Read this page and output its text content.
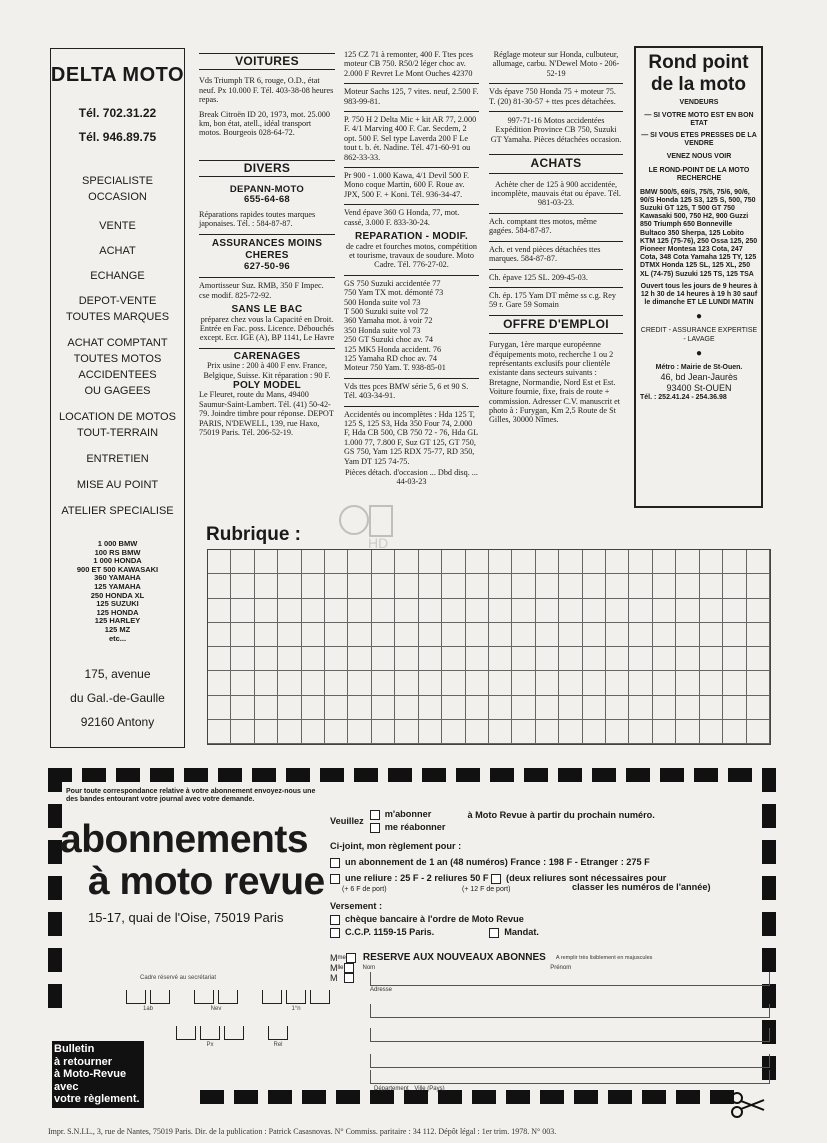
DELTA MOTO
Tél. 702.31.22
Tél. 946.89.75
SPECIALISTE
OCCASION
VENTE
ACHAT
ECHANGE
DEPOT-VENTE
TOUTES MARQUES
ACHAT COMPTANT
TOUTES MOTOS
ACCIDENTEES
OU GAGEES
LOCATION DE MOTOS
TOUT-TERRAIN
ENTRETIEN
MISE AU POINT
ATELIER SPECIALISE
1 000 BMW
100 RS BMW
1 000 HONDA
900 ET 500 KAWASAKI
360 YAMAHA
125 YAMAHA
250 HONDA XL
125 SUZUKI
125 HONDA
125 HARLEY
125 MZ
etc...
175, avenue
du Gal.-de-Gaulle
92160 Antony
VOITURES
Vds Triumph TR 6, rouge, O.D., état neuf. Px 10.000 F. Tél. 403-38-08 heures repas.
Break Citroën ID 20, 1973, mot. 25.000 km, bon état, atell., idéal transport motos. Bourgeois 028-64-72.
DIVERS
DEPANN-MOTO
655-64-68
Réparations rapides toutes marques japonaises. Tél. : 584-87-87.
ASSURANCES MOINS CHERES
627-50-96
Amortisseur Suz. RMB, 350 F Impec. cse modif. 825-72-92.
SANS LE BAC
préparez chez vous la Capacité en Droit. Entrée en Fac. poss. Licence. Débouchés except. Ecr. IGE (A), BP 1141, Le Havre
CARENAGES
Prix usine : 200 à 400 F env. France, Belgique, Suisse. Kit réparation : 90 F.
POLY MODEL
Le Fleuret, route du Mans, 49400 Saumur-Saint-Lambert. Tél. (41) 50-42-79. Joindre timbre pour réponse. DEPOT PARIS, N'DEWELL, 139, rue Haxo, 75019 Paris. Tél. 206-52-19.
125 CZ 71 à remonter, 400 F. Ttes pces moteur CB 750. R50/2 léger choc av. 2.000 F Revret Le Mont Ouches 42370
Moteur Sachs 125, 7 vites. neuf, 2.500 F. 983-99-81.
P. 750 H 2 Delta Mic + kit AR 77, 2.000 F. 4/1 Marving 400 F. Car. Secdem, 2 opt. 500 F. Sel type Laverda 200 F Le tout t. b. ét. Nadine. Tél. 471-60-91 ou 862-33-33.
Pr 900 - 1.000 Kawa, 4/1 Devil 500 F. Mono coque Martin, 600 F. Roue av. JPX, 500 F. + Koni. Tél. 936-34-47.
Vend épave 360 G Honda, 77, mot. cassé, 3.000 F. 833-30-24.
REPARATION - MODIF.
de cadre et fourches motos, compétition et tourisme, travaux de soudure. Moto Cadre. Tél. 776-27-02.
GS 750 Suzuki accidentée 77
750 Yam TX mot. démonté 73
500 Honda suite vol 73
T 500 Suzuki suite vol 72
360 Yamaha mot. à voir 72
350 Honda suite vol 73
250 GT Suzuki choc av. 74
125 MK5 Honda accident. 76
125 Yamaha RD choc av. 74
Moteur 750 Yam. T. 938-85-01
Vds ttes pces BMW série 5, 6 et 90 S. Tél. 403-34-91.
Accidentés ou incomplètes : Hda 125 T, 125 S, 125 S3, Hda 350 Four 74, 2.000 F, Hda CB 500, CB 750 72 - 76, Hda GL 1.000 77, 7.800 F, Suz GT 125, GT 750, GS 750, Yam 125 RDX 75-77, RD 350, Yam DT 125 74-75.
Pièces détach. d'occasion ... Dbd disq. ... 44-03-23
Réglage moteur sur Honda, culbuteur, allumage, carbu. N'Dewel Moto - 206-52-19
Vds épave 750 Honda 75 + moteur 75. T. (20) 81-30-57 + ttes pces détachées.
997-71-16 Motos accidentées Expédition Province CB 750, Suzuki GT Yamaha. Pièces détachées occasion.
ACHATS
Achète cher de 125 à 900 accidentée, incomplète, mauvais état ou épave. Tél. 981-03-23.
Ach. comptant ttes motos, même gagées. 584-87-87.
Ach. et vend pièces détachées ttes marques. 584-87-87.
Ch. épave 125 SL. 209-45-03.
Ch. ép. 175 Yam DT même ss c.g. Rey 59 r. Gare 59 Somain
OFFRE D'EMPLOI
Furygan, 1ère marque européenne d'équipements moto, recherche 1 ou 2 représentants exclusifs pour clientèle existante dans secteurs suivants : Bretagne, Normandie, Nord Est et Est. Voiture fournie, fixe, frais de route + commission. Adresser C.V. manuscrit et photo à : Furygan, Km 2,5 Route de St Gilles, 30000 Nîmes.
Rond point
de la moto
VENDEURS
— SI VOTRE MOTO EST EN BON ETAT
— SI VOUS ETES PRESSES DE LA VENDRE
VENEZ NOUS VOIR
LE ROND-POINT DE LA MOTO RECHERCHE
BMW 500/5, 69/S, 75/5, 75/6, 90/6, 90/S Honda 125 S3, 125 S, 500, 750 Suzuki GT 125, T 500 GT 750 Kawasaki 500, 750 H2, 900 Guzzi 850 Triumph 650 Bonneville Bultaco 350 Sherpa, 125 Lobito KTM 125 (75-76), 250 Ossa 125, 250 Pioneer Montesa 123 Cota, 247 Cota, 348 Cota Yamaha 125 TY, 125 DTMX Honda 125 SL, 125 XL, 250 XL (74-75) Suzuki 125 TS, 125 TSA
Ouvert tous les jours de 9 heures à 12 h 30 de 14 heures à 19 h 30 sauf le dimanche ET LE LUNDI MATIN
●
CREDIT - ASSURANCE EXPERTISE - LAVAGE
●
Métro : Mairie de St-Ouen.
46, bd Jean-Jaurès
93400 St-OUEN
Tél. : 252.41.24 - 254.36.98
Rubrique :	HD
Pour toute correspondance relative à votre abonnement envoyez-nous une des bandes entourant votre journal avec votre demande.
abonnements
à moto revue
15-17, quai de l'Oise, 75019 Paris
Cadre réservé au secrétariat
1ab	Nev	1°n
Px	Rel
Bulletin
à retourner
à Moto-Revue
avec
votre règlement.
Veuillez
m'abonner
me réabonner
à Moto Revue à partir du prochain numéro.
Ci-joint, mon règlement pour :
un abonnement de 1 an (48 numéros) France : 198 F - Etranger : 275 F
une reliure : 25 F - 2 reliures 50 F (deux reliures sont nécessaires pour
(+ 6 F de port)	(+ 12 F de port)	classer les numéros de l'année)
Versement :
chèque bancaire à l'ordre de Moto Revue
C.C.P. 1159-15 Paris.	Mandat.
M me RESERVE AUX NOUVEAUX ABONNES A remplir très lisiblement en majuscules
M lle	Nom	Prénom
M
Adresse
Département Ville (Pays)
Impr. S.N.I.L., 3, rue de Nantes, 75019 Paris. Dir. de la publication : Patrick Casasnovas. N° Commiss. paritaire : 34 112. Dépôt légal : 1er trim. 1978. N° 003.
